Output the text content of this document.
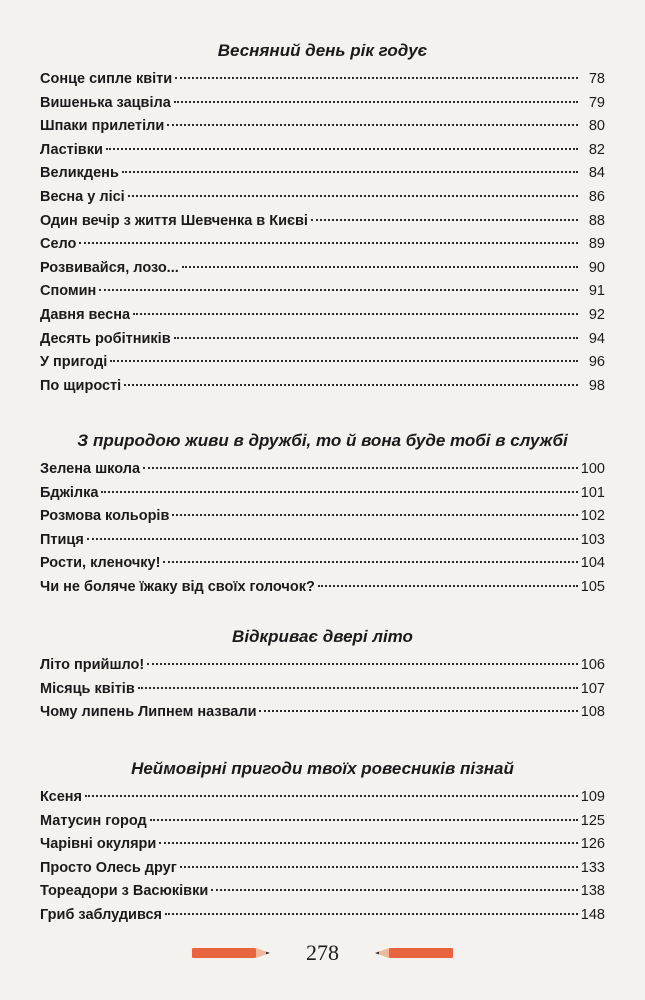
Весняний день рік годує
Сонце сипле квіти	78
Вишенька зацвіла	79
Шпаки прилетіли	80
Ластівки	82
Великдень	84
Весна у лісі	86
Один вечір з життя Шевченка в Києві	88
Село	89
Розвивайся, лозо...	90
Спомин	91
Давня весна	92
Десять робітників	94
У пригоді	96
По щирості	98
З природою живи в дружбі, то й вона буде тобі в службі
Зелена школа	100
Бджілка	101
Розмова кольорів	102
Птиця	103
Рости, кленочку!	104
Чи не боляче їжаку від своїх голочок?	105
Відкриває двері літо
Літо прийшло!	106
Місяць квітів	107
Чому липень Липнем назвали	108
Неймовірні пригоди твоїх ровесників пізнай
Ксеня	109
Матусин город	125
Чарівні окуляри	126
Просто Олесь друг	133
Тореадори з Васюківки	138
Гриб заблудився	148
278
